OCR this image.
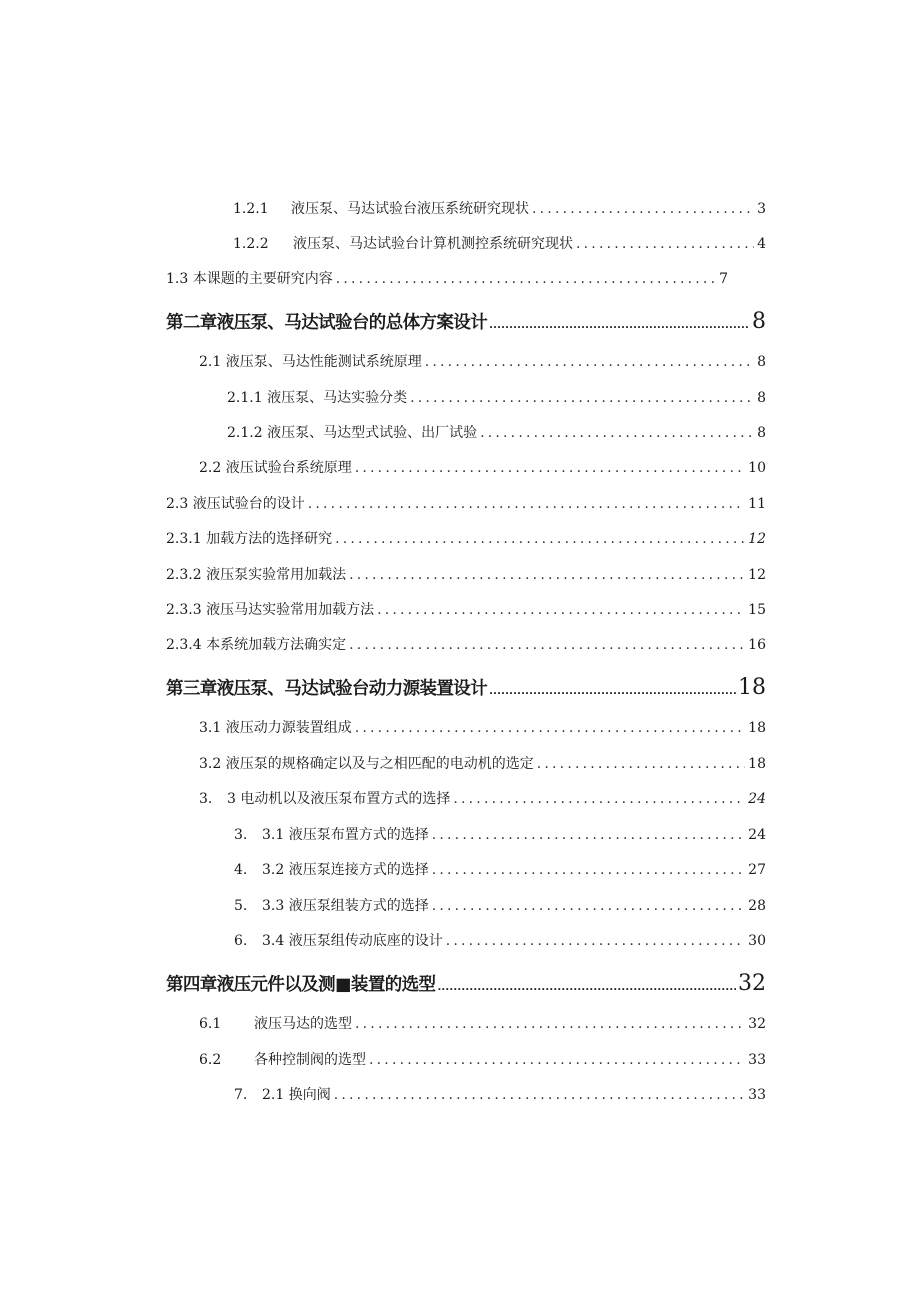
1.2.1	液压泵、马达试验台液压系统研究现状 .....	3
1.2.2	液压泵、马达试验台计算机测控系统研究现状 .....	4
1.3 本课题的主要研究内容 .....	7
第二章液压泵、马达试验台的总体方案设计 .....	8
2.1 液压泵、马达性能测试系统原理 .....	8
2.1.1 液压泵、马达实验分类 .....	8
2.1.2 液压泵、马达型式试验、出厂试验 .....	8
2.2 液压试验台系统原理 .....	10
2.3 液压试验台的设计 .....	11
2.3.1 加载方法的选择研究 .....	12
2.3.2 液压泵实验常用加载法 .....	12
2.3.3 液压马达实验常用加载方法 .....	15
2.3.4 本系统加载方法确实定 .....	16
第三章液压泵、马达试验台动力源装置设计 .....	18
3.1 液压动力源装置组成 .....	18
3.2 液压泵的规格确定以及与之相匹配的电动机的选定 .....	18
3.	3 电动机以及液压泵布置方式的选择 .....	24
3.	3.1 液压泵布置方式的选择 .....	24
4.	3.2 液压泵连接方式的选择 .....	27
5.	3.3 液压泵组装方式的选择 .....	28
6.	3.4 液压泵组传动底座的设计 .....	30
第四章液压元件以及测■装置的选型 .....	32
6.1	液压马达的选型 .....	32
6.2	各种控制阀的选型 .....	33
7.	2.1 换向阀 .....	33
